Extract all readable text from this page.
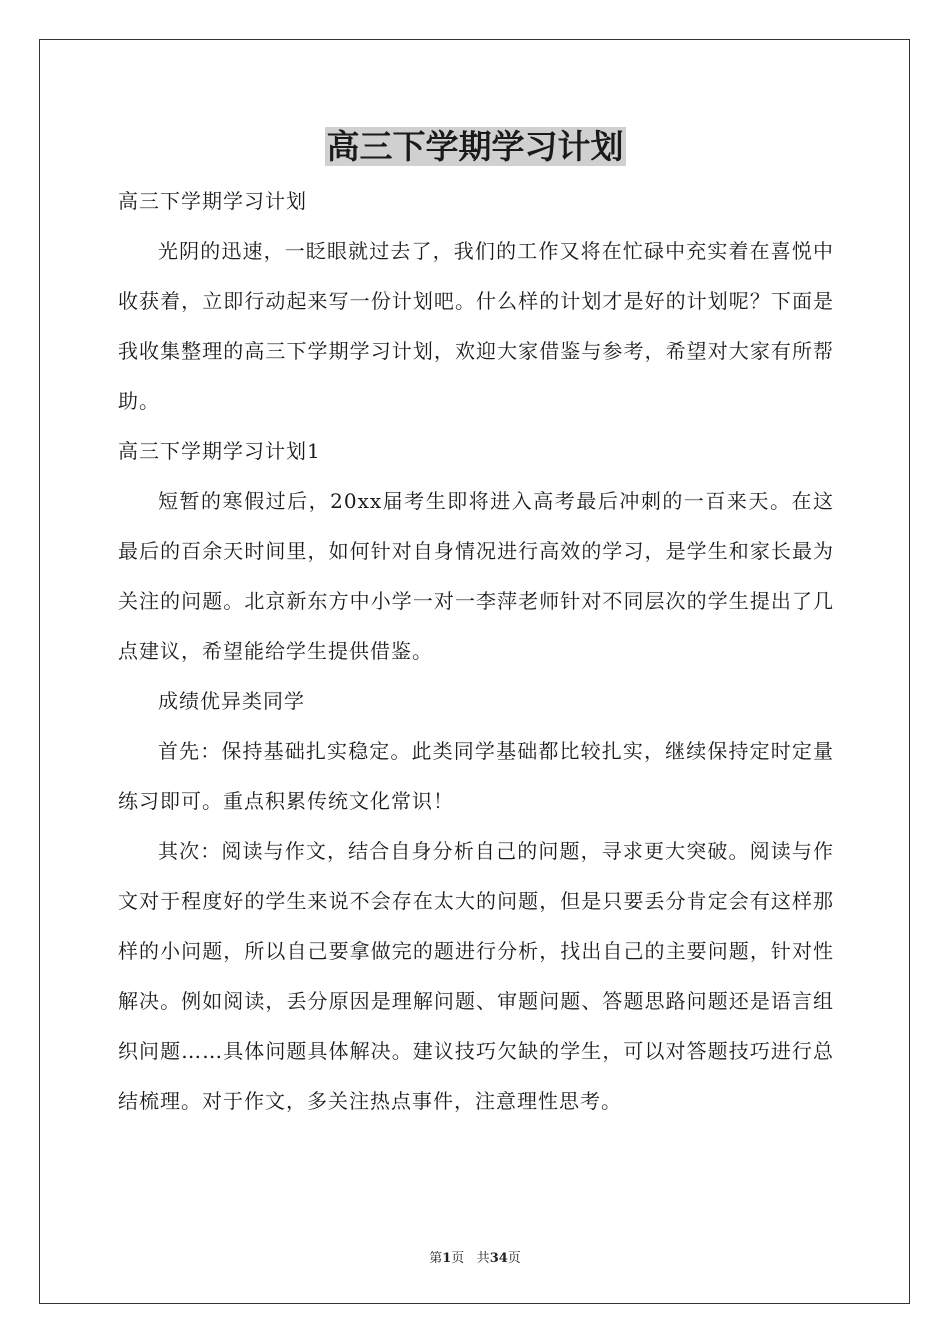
高三下学期学习计划

高三下学期学习计划

光阴的迅速，一眨眼就过去了，我们的工作又将在忙碌中充实着在喜悦中收获着，立即行动起来写一份计划吧。什么样的计划才是好的计划呢？下面是我收集整理的高三下学期学习计划，欢迎大家借鉴与参考，希望对大家有所帮助。

高三下学期学习计划1

短暂的寒假过后，20xx届考生即将进入高考最后冲刺的一百来天。在这最后的百余天时间里，如何针对自身情况进行高效的学习，是学生和家长最为关注的问题。北京新东方中小学一对一李萍老师针对不同层次的学生提出了几点建议，希望能给学生提供借鉴。

成绩优异类同学

首先：保持基础扎实稳定。此类同学基础都比较扎实，继续保持定时定量练习即可。重点积累传统文化常识！

其次：阅读与作文，结合自身分析自己的问题，寻求更大突破。阅读与作文对于程度好的学生来说不会存在太大的问题，但是只要丢分肯定会有这样那样的小问题，所以自己要拿做完的题进行分析，找出自己的主要问题，针对性解决。例如阅读，丢分原因是理解问题、审题问题、答题思路问题还是语言组织问题……具体问题具体解决。建议技巧欠缺的学生，可以对答题技巧进行总结梳理。对于作文，多关注热点事件，注意理性思考。

第1页 共34页
